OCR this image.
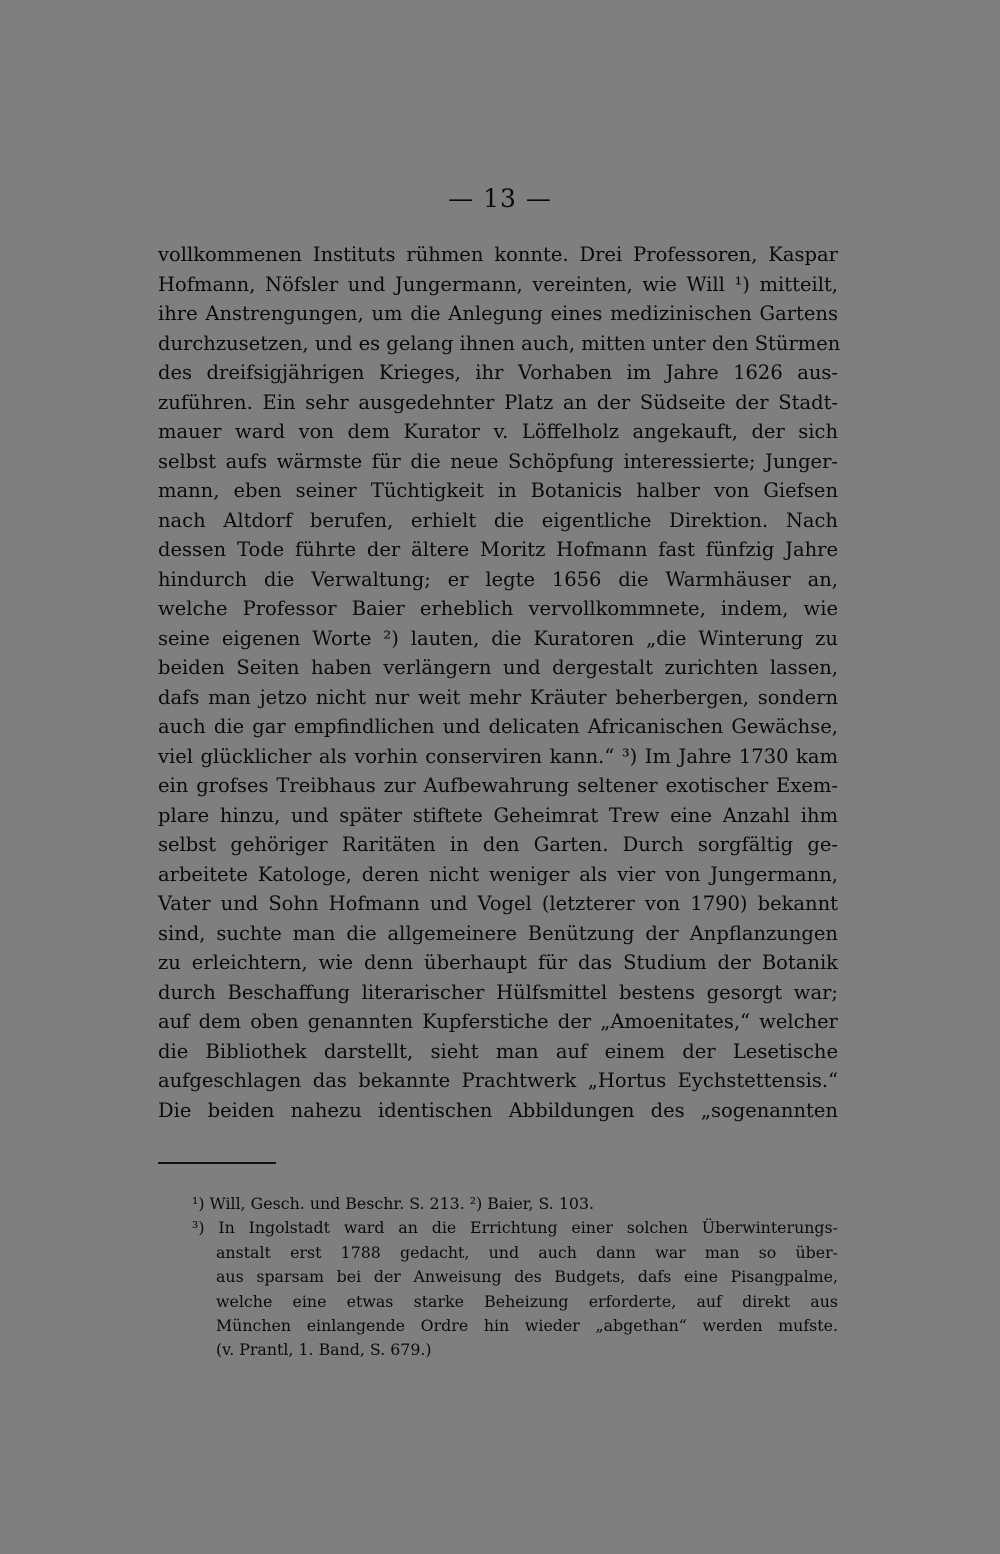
— 13 —
vollkommenen Instituts rühmen konnte. Drei Professoren, Kaspar
Hofmann, Nöfsler und Jungermann, vereinten, wie Will ¹) mitteilt,
ihre Anstrengungen, um die Anlegung eines medizinischen Gartens
durchzusetzen, und es gelang ihnen auch, mitten unter den Stürmen
des dreifsigjährigen Krieges, ihr Vorhaben im Jahre 1626 aus-
zuführen. Ein sehr ausgedehnter Platz an der Südseite der Stadt-
mauer ward von dem Kurator v. Löffelholz angekauft, der sich
selbst aufs wärmste für die neue Schöpfung interessierte; Junger-
mann, eben seiner Tüchtigkeit in Botanicis halber von Giefsen
nach Altdorf berufen, erhielt die eigentliche Direktion. Nach
dessen Tode führte der ältere Moritz Hofmann fast fünfzig Jahre
hindurch die Verwaltung; er legte 1656 die Warmhäuser an,
welche Professor Baier erheblich vervollkommnete, indem, wie
seine eigenen Worte ²) lauten, die Kuratoren „die Winterung zu
beiden Seiten haben verlängern und dergestalt zurichten lassen,
dafs man jetzo nicht nur weit mehr Kräuter beherbergen, sondern
auch die gar empfindlichen und delicaten Africanischen Gewächse,
viel glücklicher als vorhin conserviren kann.“ ³) Im Jahre 1730 kam
ein grofses Treibhaus zur Aufbewahrung seltener exotischer Exem-
plare hinzu, und später stiftete Geheimrat Trew eine Anzahl ihm
selbst gehöriger Raritäten in den Garten. Durch sorgfältig ge-
arbeitete Katologe, deren nicht weniger als vier von Jungermann,
Vater und Sohn Hofmann und Vogel (letzterer von 1790) bekannt
sind, suchte man die allgemeinere Benützung der Anpflanzungen
zu erleichtern, wie denn überhaupt für das Studium der Botanik
durch Beschaffung literarischer Hülfsmittel bestens gesorgt war;
auf dem oben genannten Kupferstiche der „Amoenitates,“ welcher
die Bibliothek darstellt, sieht man auf einem der Lesetische
aufgeschlagen das bekannte Prachtwerk „Hortus Eychstettensis.“
Die beiden nahezu identischen Abbildungen des „sogenannten
¹) Will, Gesch. und Beschr. S. 213. ²) Baier, S. 103.
³) In Ingolstadt ward an die Errichtung einer solchen Überwinterungs-
anstalt erst 1788 gedacht, und auch dann war man so über-
aus sparsam bei der Anweisung des Budgets, dafs eine Pisangpalme,
welche eine etwas starke Beheizung erforderte, auf direkt aus
München einlangende Ordre hin wieder „abgethan“ werden mufste.
(v. Prantl, 1. Band, S. 679.)
